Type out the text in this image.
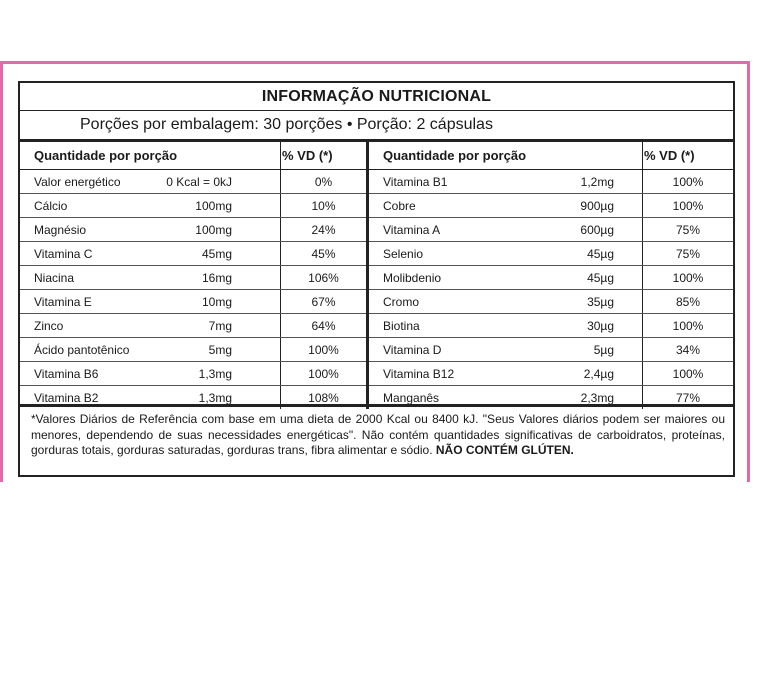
INFORMAÇÃO NUTRICIONAL
Porções por embalagem: 30 porções • Porção: 2 cápsulas
Quantidade por porção		% VD (*)
Valor energético	0 Kcal = 0kJ	0%
Cálcio	100mg	10%
Magnésio	100mg	24%
Vitamina C	45mg	45%
Niacina	16mg	106%
Vitamina E	10mg	67%
Zinco	7mg	64%
Ácido pantotênico	5mg	100%
Vitamina B6	1,3mg	100%
Vitamina B2	1,3mg	108%
Quantidade por porção		% VD (*)
Vitamina B1	1,2mg	100%
Cobre	900µg	100%
Vitamina A	600µg	75%
Selenio	45µg	75%
Molibdenio	45µg	100%
Cromo	35µg	85%
Biotina	30µg	100%
Vitamina D	5µg	34%
Vitamina B12	2,4µg	100%
Manganês	2,3mg	77%
*Valores Diários de Referência com base em uma dieta de 2000 Kcal ou 8400 kJ. "Seus Valores diários podem ser maiores ou menores, dependendo de suas necessidades energéticas". Não contém quantidades significativas de carboidratos, proteínas, gorduras totais, gorduras saturadas, gorduras trans, fibra alimentar e sódio. NÃO CONTÉM GLÚTEN.
